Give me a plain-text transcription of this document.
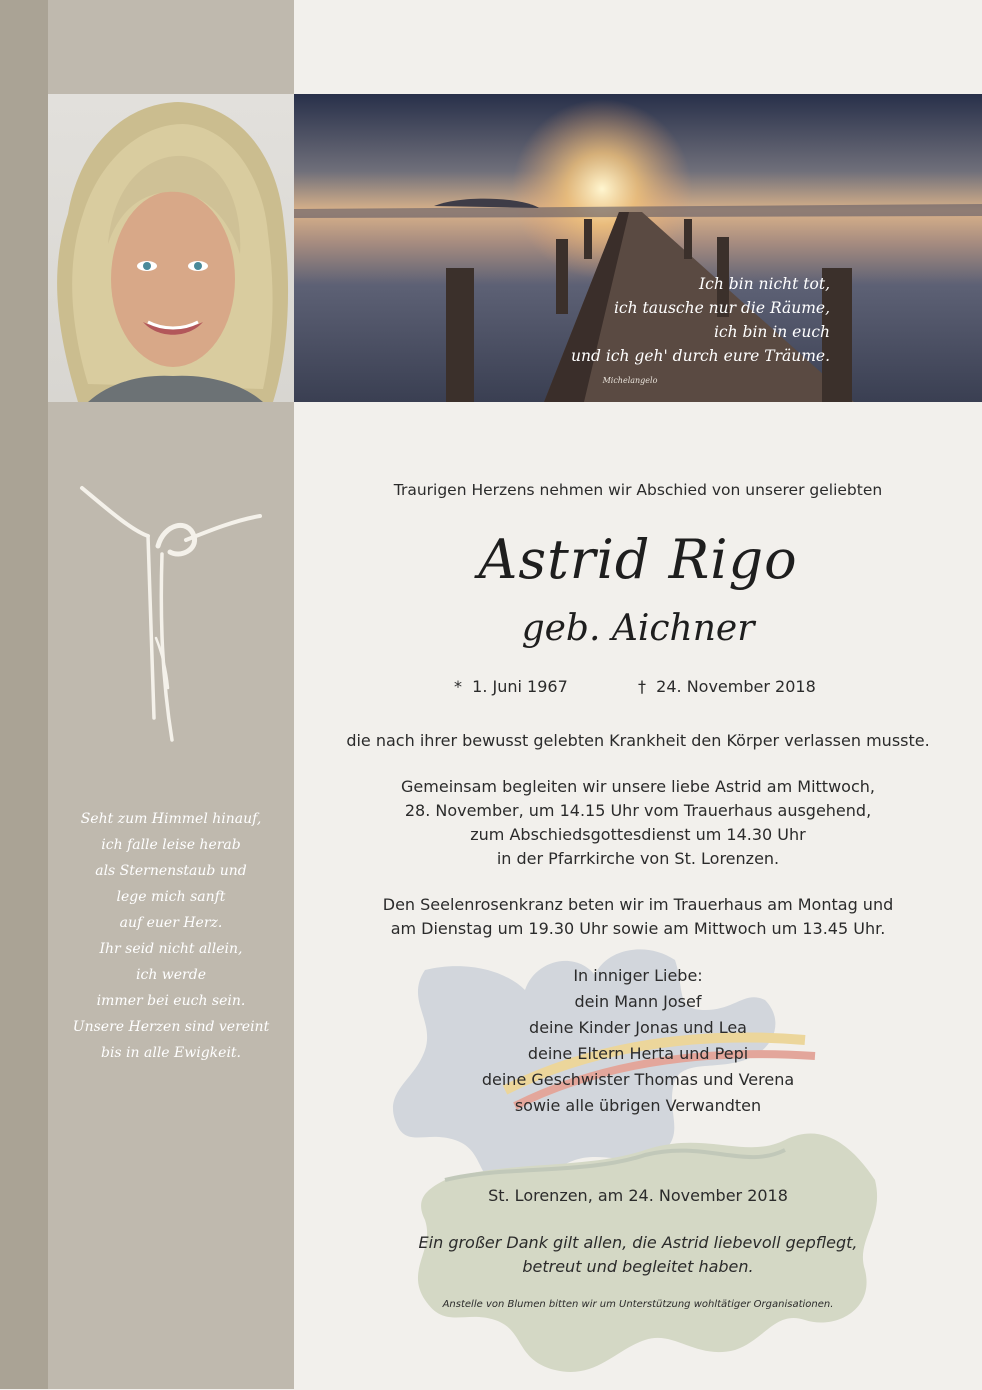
Ich bin nicht tot,
ich tausche nur die Räume,
ich bin in euch
und ich geh' durch eure Träume.
Michelangelo
Seht zum Himmel hinauf,
ich falle leise herab
als Sternenstaub und
lege mich sanft
auf euer Herz.
Ihr seid nicht allein,
ich werde
immer bei euch sein.
Unsere Herzen sind vereint
bis in alle Ewigkeit.
Traurigen Herzens nehmen wir Abschied von unserer geliebten
Astrid Rigo
geb. Aichner
*  1. Juni 1967	†  24. November 2018
die nach ihrer bewusst gelebten Krankheit den Körper verlassen musste.
Gemeinsam begleiten wir unsere liebe Astrid am Mittwoch,
28. November, um 14.15 Uhr vom Trauerhaus ausgehend,
zum Abschiedsgottesdienst um 14.30 Uhr
in der Pfarrkirche von St. Lorenzen.
Den Seelenrosenkranz beten wir im Trauerhaus am Montag und
am Dienstag um 19.30 Uhr sowie am Mittwoch um 13.45 Uhr.
In inniger Liebe:
dein Mann Josef
deine Kinder Jonas und Lea
deine Eltern Herta und Pepi
deine Geschwister Thomas und Verena
sowie alle übrigen Verwandten
St. Lorenzen, am 24. November 2018
Ein großer Dank gilt allen, die Astrid liebevoll gepflegt,
betreut und begleitet haben.
Anstelle von Blumen bitten wir um Unterstützung wohltätiger Organisationen.
